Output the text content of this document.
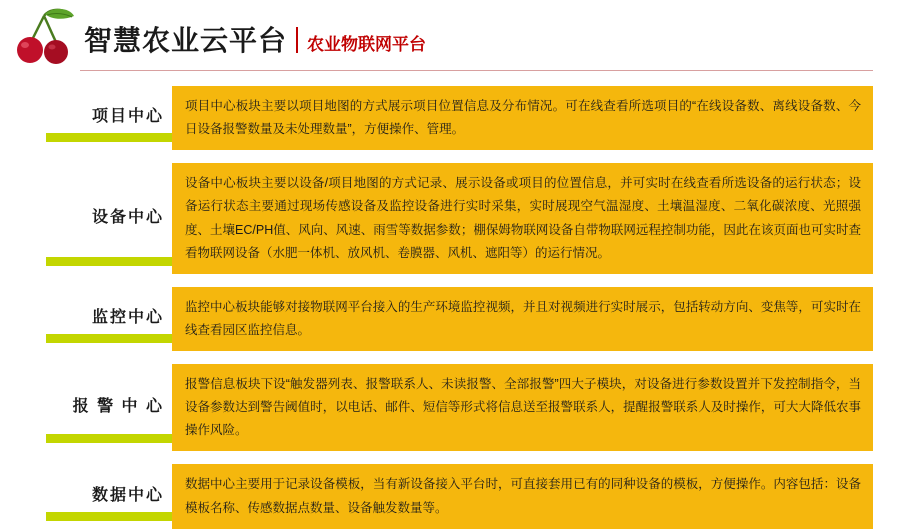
智慧农业云平台 农业物联网平台
项目中心

项目中心板块主要以项目地图的方式展示项目位置信息及分布情况。可在线查看所选项目的“在线设备数、离线设备数、今日设备报警数量及未处理数量”，方便操作、管理。

设备中心

设备中心板块主要以设备/项目地图的方式记录、展示设备或项目的位置信息，并可实时在线查看所选设备的运行状态；设备运行状态主要通过现场传感设备及监控设备进行实时采集，实时展现空气温湿度、土壤温湿度、二氧化碳浓度、光照强度、土壤EC/PH值、风向、风速、雨雪等数据参数；棚保姆物联网设备自带物联网远程控制功能，因此在该页面也可实时查看物联网设备（水肥一体机、放风机、卷膜器、风机、遮阳等）的运行情况。

监控中心

监控中心板块能够对接物联网平台接入的生产环境监控视频，并且对视频进行实时展示，包括转动方向、变焦等，可实时在线查看园区监控信息。

报 警 中 心

报警信息板块下设“触发器列表、报警联系人、未读报警、全部报警”四大子模块，对设备进行参数设置并下发控制指令，当设备参数达到警告阈值时，以电话、邮件、短信等形式将信息送至报警联系人，提醒报警联系人及时操作，可大大降低农事操作风险。

数据中心

数据中心主要用于记录设备模板，当有新设备接入平台时，可直接套用已有的同种设备的模板，方便操作。内容包括：设备模板名称、传感数据点数量、设备触发数量等。
